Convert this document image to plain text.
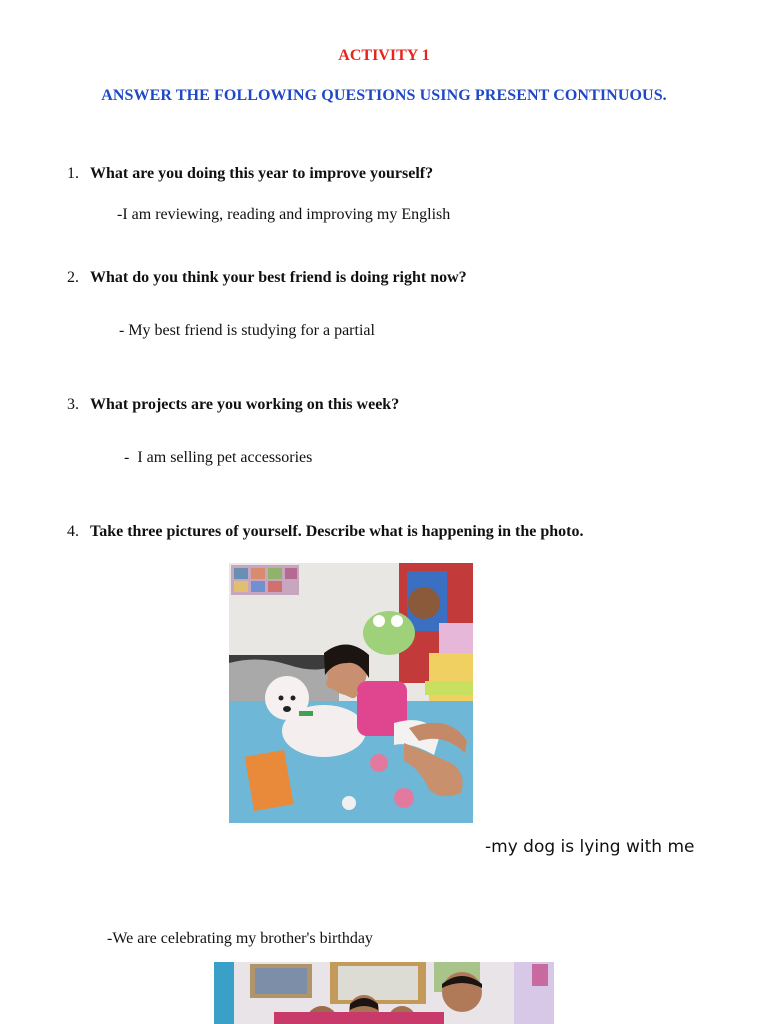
ACTIVITY 1
ANSWER THE FOLLOWING QUESTIONS USING PRESENT CONTINUOUS.
1. What are you doing this year to improve yourself?
-I am reviewing, reading and improving my English
2. What do you think your best friend is doing right now?
- My best friend is studying for a partial
3. What projects are you working on this week?
-  I am selling pet accessories
4. Take three pictures of yourself. Describe what is happening in the photo.
-my dog is lying with me
-We are celebrating my brother's birthday
